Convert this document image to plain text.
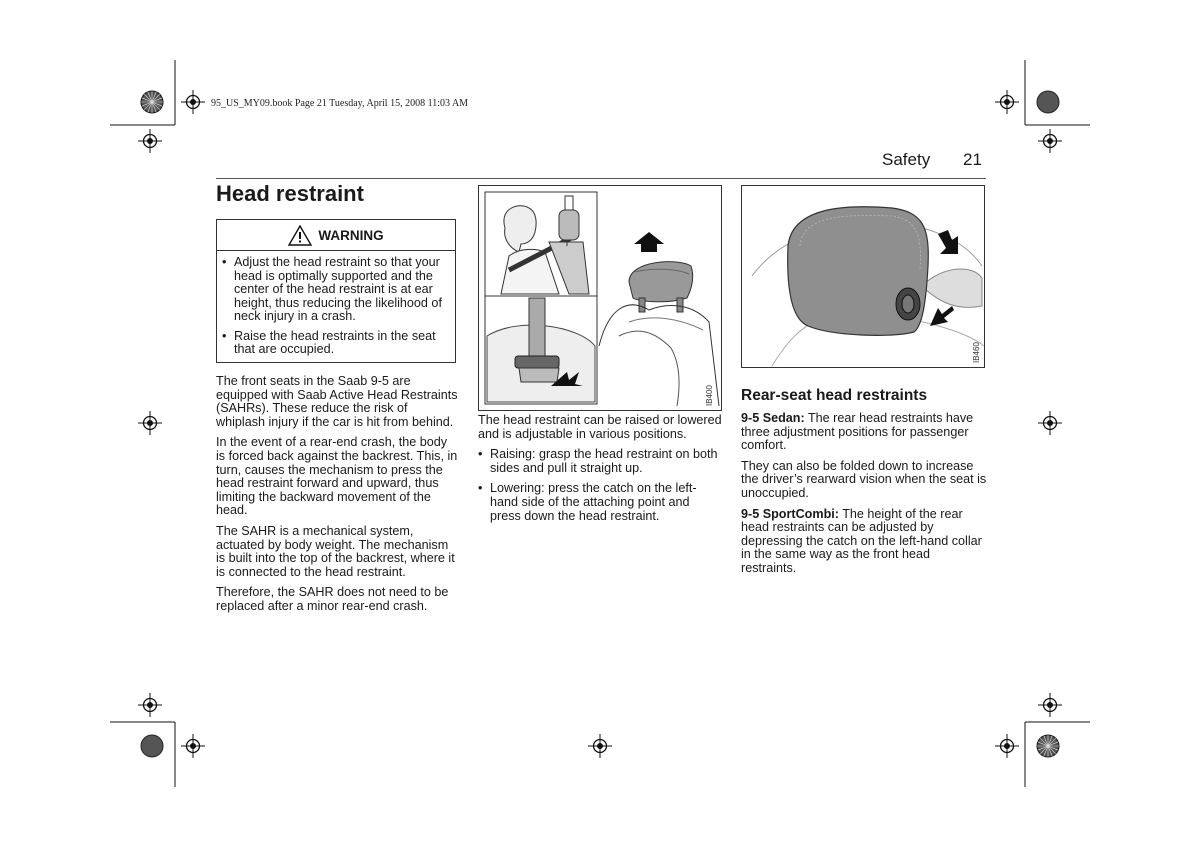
95_US_MY09.book Page 21 Tuesday, April 15, 2008 11:03 AM
Safety 21
Head restraint
WARNING
• Adjust the head restraint so that your head is optimally supported and the center of the head restraint is at ear height, thus reducing the likelihood of neck injury in a crash.
• Raise the head restraints in the seat that are occupied.

The front seats in the Saab 9-5 are equipped with Saab Active Head Restraints (SAHRs). These reduce the risk of whiplash injury if the car is hit from behind.

In the event of a rear-end crash, the body is forced back against the backrest. This, in turn, causes the mechanism to press the head restraint forward and upward, thus limiting the backward movement of the head.

The SAHR is a mechanical system, actuated by body weight. The mechanism is built into the top of the backrest, where it is connected to the head restraint.

Therefore, the SAHR does not need to be replaced after a minor rear-end crash.

IB400

The head restraint can be raised or lowered and is adjustable in various positions.

• Raising: grasp the head restraint on both sides and pull it straight up.
• Lowering: press the catch on the left-hand side of the attaching point and press down the head restraint.
IB460
Rear-seat head restraints

9-5 Sedan: The rear head restraints have three adjustment positions for passenger comfort.

They can also be folded down to increase the driver’s rearward vision when the seat is unoccupied.

9-5 SportCombi: The height of the rear head restraints can be adjusted by depressing the catch on the left-hand collar in the same way as the front head restraints.
